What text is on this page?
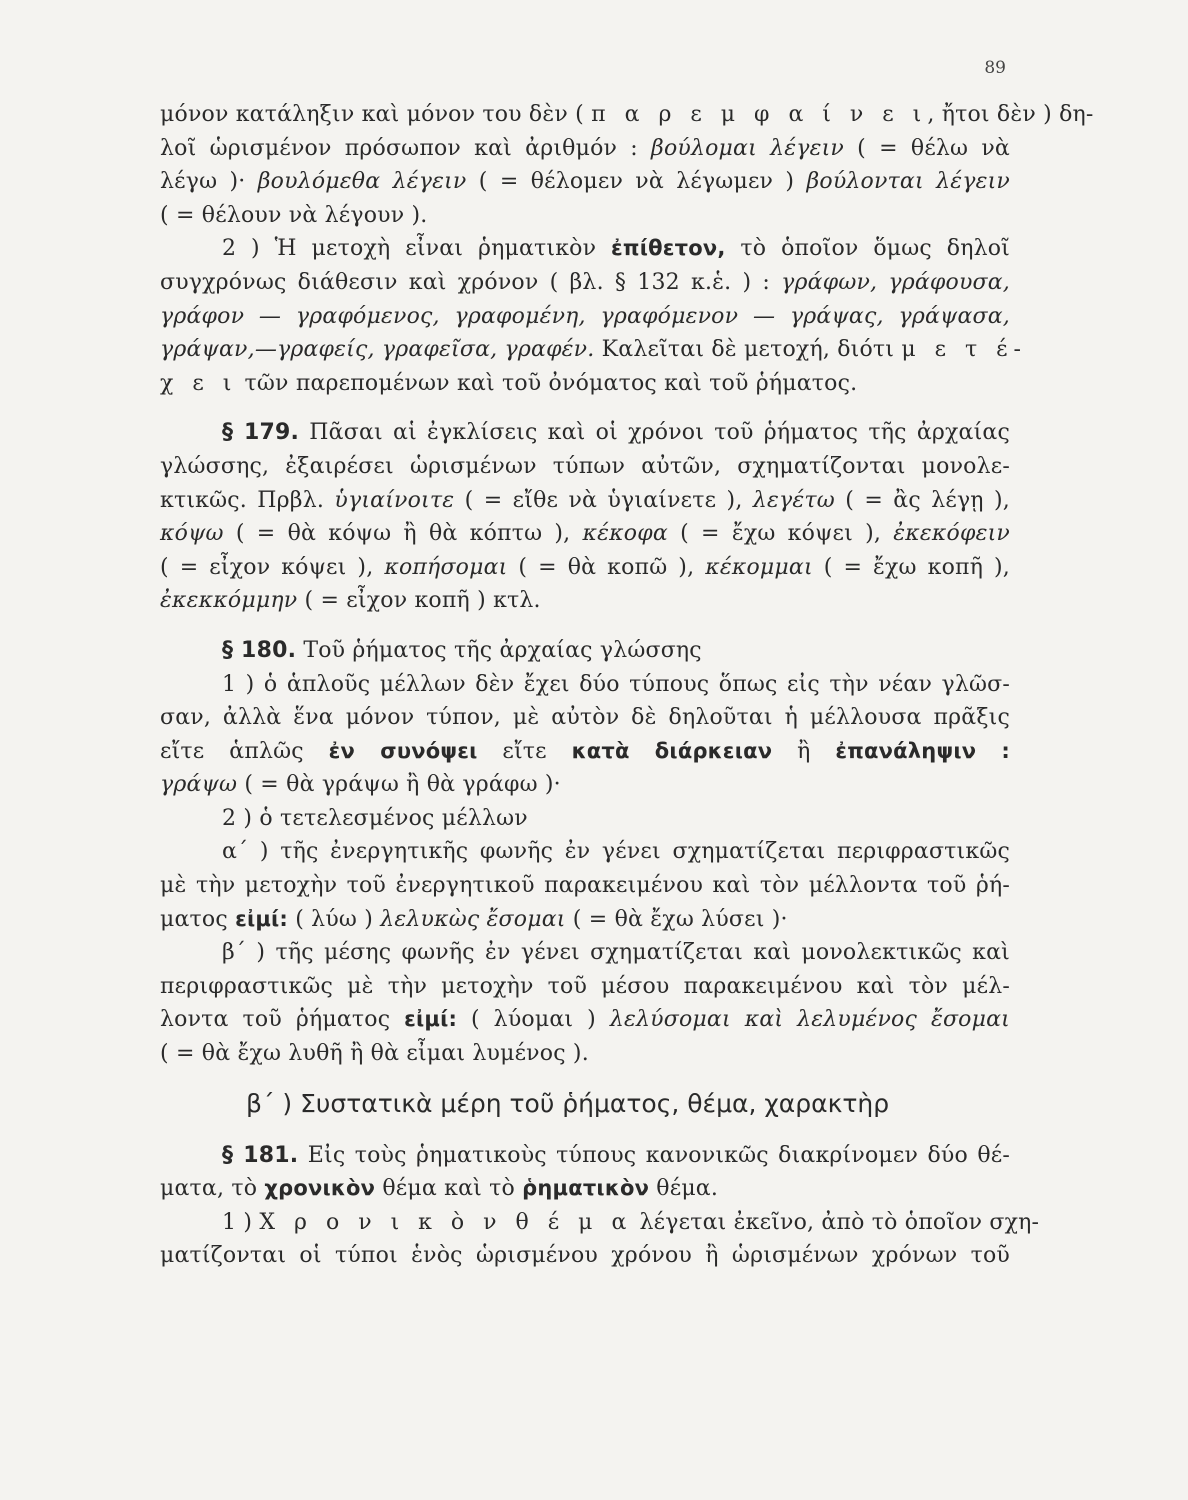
89
μόνον κατάληξιν καὶ μόνον του δὲν ( π α ρ ε μ φ α ί ν ε ι, ἤτοι δὲν ) δη-
λοῖ ὡρισμένον πρόσωπον καὶ ἀριθμόν : βούλομαι λέγειν ( = θέλω νὰ
λέγω )· βουλόμεθα λέγειν ( = θέλομεν νὰ λέγωμεν ) βούλονται λέγειν
( = θέλουν νὰ λέγουν ).
2 ) Ἡ μετοχὴ εἶναι ῥηματικὸν ἐπίθετον, τὸ ὁποῖον ὅμως δηλοῖ
συγχρόνως διάθεσιν καὶ χρόνον ( βλ. § 132 κ.ἑ. ) : γράφων, γράφουσα,
γράφον — γραφόμενος, γραφομένη, γραφόμενον — γράψας, γράψασα,
γράψαν,—γραφείς, γραφεῖσα, γραφέν. Καλεῖται δὲ μετοχή, διότι μ ε τ έ-
χ ε ι τῶν παρεπομένων καὶ τοῦ ὀνόματος καὶ τοῦ ῥήματος.
§ 179. Πᾶσαι αἱ ἐγκλίσεις καὶ οἱ χρόνοι τοῦ ῥήματος τῆς ἀρχαίας
γλώσσης, ἐξαιρέσει ὡρισμένων τύπων αὐτῶν, σχηματίζονται μονολε-
κτικῶς. Πρβλ. ὑγιαίνοιτε ( = εἴθε νὰ ὑγιαίνετε ), λεγέτω ( = ἂς λέγῃ ),
κόψω ( = θὰ κόψω ἢ θὰ κόπτω ), κέκοφα ( = ἔχω κόψει ), ἐκεκόφειν
( = εἶχον κόψει ), κοπήσομαι ( = θὰ κοπῶ ), κέκομμαι ( = ἔχω κοπῆ ),
ἐκεκκόμμην ( = εἶχον κοπῆ ) κτλ.
§ 180. Τοῦ ῥήματος τῆς ἀρχαίας γλώσσης
1 ) ὁ ἁπλοῦς μέλλων δὲν ἔχει δύο τύπους ὅπως εἰς τὴν νέαν γλῶσ-
σαν, ἀλλὰ ἕνα μόνον τύπον, μὲ αὐτὸν δὲ δηλοῦται ἡ μέλλουσα πρᾶξις
εἴτε ἁπλῶς ἐν συνόψει εἴτε κατὰ διάρκειαν ἢ ἐπανάληψιν :
γράψω ( = θὰ γράψω ἢ θὰ γράφω )·
2 ) ὁ τετελεσμένος μέλλων
α΄ ) τῆς ἐνεργητικῆς φωνῆς ἐν γένει σχηματίζεται περιφραστικῶς
μὲ τὴν μετοχὴν τοῦ ἐνεργητικοῦ παρακειμένου καὶ τὸν μέλλοντα τοῦ ῥή-
ματος εἰμί: ( λύω ) λελυκὼς ἔσομαι ( = θὰ ἔχω λύσει )·
β΄ ) τῆς μέσης φωνῆς ἐν γένει σχηματίζεται καὶ μονολεκτικῶς καὶ
περιφραστικῶς μὲ τὴν μετοχὴν τοῦ μέσου παρακειμένου καὶ τὸν μέλ-
λοντα τοῦ ῥήματος εἰμί: ( λύομαι ) λελύσομαι καὶ λελυμένος ἔσομαι
( = θὰ ἔχω λυθῆ ἢ θὰ εἶμαι λυμένος ).
β΄ ) Συστατικὰ μέρη τοῦ ῥήματος, θέμα, χαρακτὴρ
§ 181. Εἰς τοὺς ῥηματικοὺς τύπους κανονικῶς διακρίνομεν δύο θέ-
ματα, τὸ χρονικὸν θέμα καὶ τὸ ῥηματικὸν θέμα.
1 ) Χ ρ ο ν ι κ ὸ ν θ έ μ α λέγεται ἐκεῖνο, ἀπὸ τὸ ὁποῖον σχη-
ματίζονται οἱ τύποι ἑνὸς ὡρισμένου χρόνου ἢ ὡρισμένων χρόνων τοῦ
